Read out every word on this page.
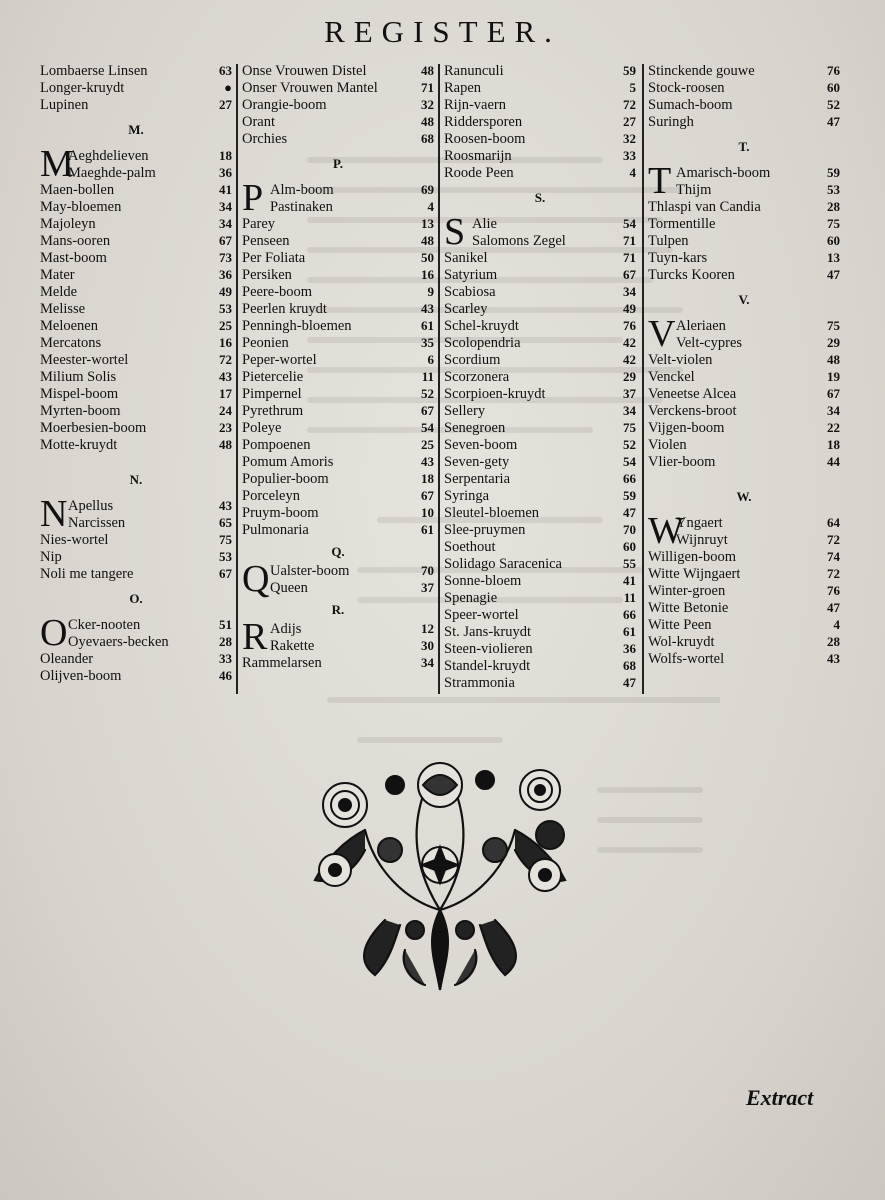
REGISTER.
Lombaerse Linsen	63
Longer-kruydt	●
Lupinen	27
M.
M
Aeghdelieven	18
Maeghde-palm	36
Maen-bollen	41
May-bloemen	34
Majoleyn	34
Mans-ooren	67
Mast-boom	73
Mater	36
Melde	49
Melisse	53
Meloenen	25
Mercatons	16
Meester-wortel	72
Milium Solis	43
Mispel-boom	17
Myrten-boom	24
Moerbesien-boom	23
Motte-kruydt	48
N.
N Apellus	43
Narcissen	65
Nies-wortel	75
Nip	53
Noli me tangere	67
O.
O Cker-nooten	51
Oyevaers-becken	28
Oleander	33
Olijven-boom	46
Onse Vrouwen Distel	48
Onser Vrouwen Mantel	71
Orangie-boom	32
Orant	48
Orchies	68
P.
P Alm-boom	69
Pastinaken	4
Parey	13
Penseen	48
Per Foliata	50
Persiken	16
Peere-boom	9
Peerlen kruydt	43
Penningh-bloemen	61
Peonien	35
Peper-wortel	6
Pietercelie	11
Pimpernel	52
Pyrethrum	67
Poleye	54
Pompoenen	25
Pomum Amoris	43
Populier-boom	18
Porceleyn	67
Pruym-boom	10
Pulmonaria	61
Q.
Q Ualster-boom	70
Queen	37
R.
R Adijs	12
Rakette	30
Rammelarsen	34
Ranunculi	59
Rapen	5
Rijn-vaern	72
Riddersporen	27
Roosen-boom	32
Roosmarijn	33
Roode Peen	4
S.
S Alie	54
Salomons Zegel	71
Sanikel	71
Satyrium	67
Scabiosa	34
Scarley	49
Schel-kruydt	76
Scolopendria	42
Scordium	42
Scorzonera	29
Scorpioen-kruydt	37
Sellery	34
Senegroen	75
Seven-boom	52
Seven-gety	54
Serpentaria	66
Syringa	59
Sleutel-bloemen	47
Slee-pruymen	70
Soethout	60
Solidago Saracenica	55
Sonne-bloem	41
Spenagie	11
Speer-wortel	66
St. Jans-kruydt	61
Steen-violieren	36
Standel-kruydt	68
Strammonia	47
Stinckende gouwe	76
Stock-roosen	60
Sumach-boom	52
Suringh	47
T.
T Amarisch-boom	59
Thijm	53
Thlaspi van Candia	28
Tormentille	75
Tulpen	60
Tuyn-kars	13
Turcks Kooren	47
V.
V Aleriaen	75
Velt-cypres	29
Velt-violen	48
Venckel	19
Veneetse Alcea	67
Verckens-broot	34
Vijgen-boom	22
Violen	18
Vlier-boom	44
W.
W
Yngaert	64
Wijnruyt	72
Willigen-boom	74
Witte Wijngaert	72
Winter-groen	76
Witte Betonie	47
Witte Peen	4
Wol-kruydt	28
Wolfs-wortel	43
Extract
